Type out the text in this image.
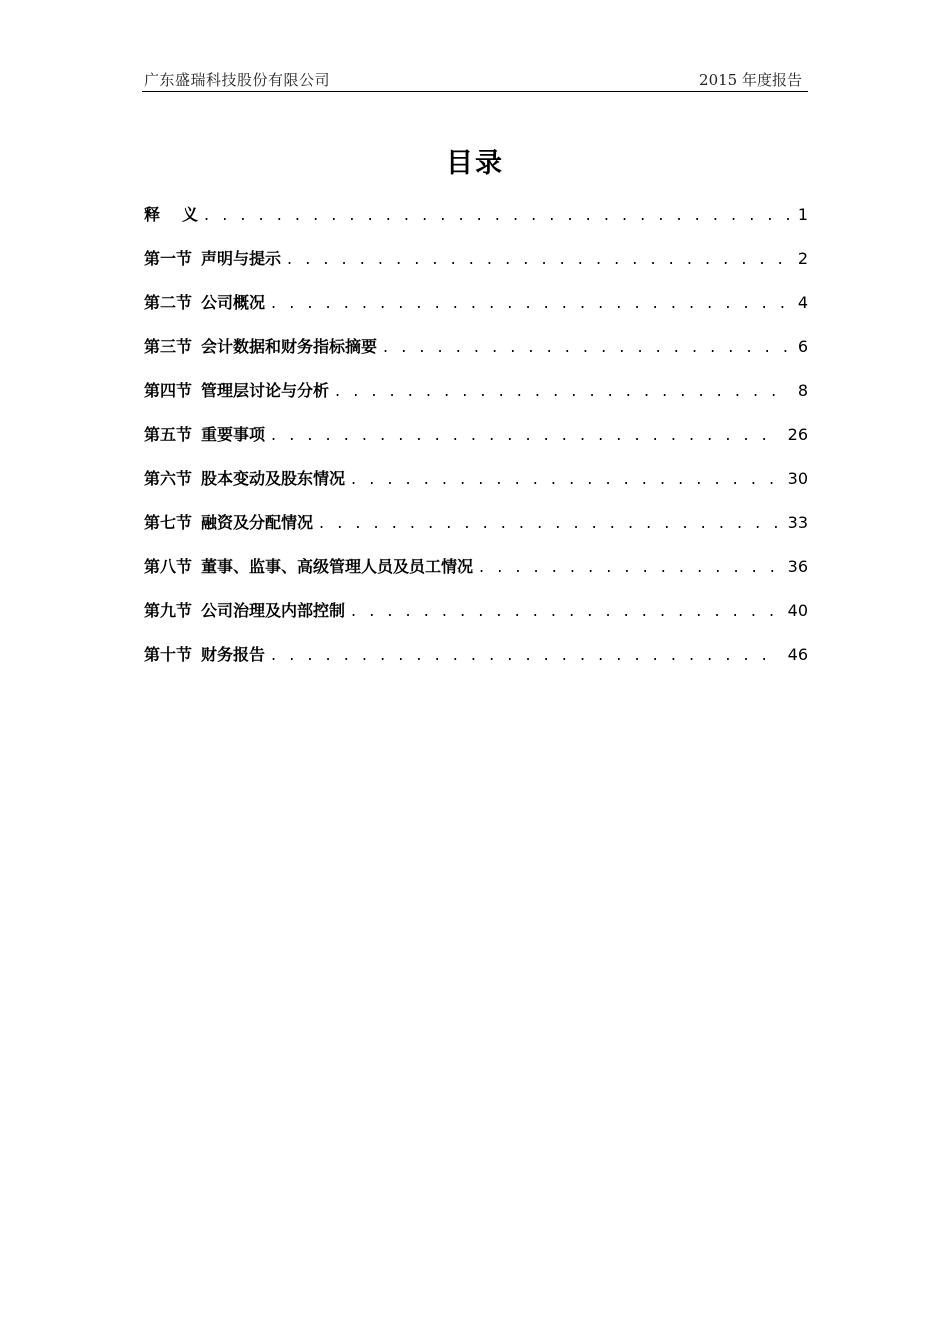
广东盛瑞科技股份有限公司	2015 年度报告
目录
释 义 . . .	1
第一节 声明与提示 . . .	2
第二节 公司概况 . . .	4
第三节 会计数据和财务指标摘要 . . .	6
第四节 管理层讨论与分析 . . .	8
第五节 重要事项 . . .	26
第六节 股本变动及股东情况 . . .	30
第七节 融资及分配情况 . . .	33
第八节 董事、监事、高级管理人员及员工情况 . . .	36
第九节 公司治理及内部控制 . . .	40
第十节 财务报告 . . .	46
